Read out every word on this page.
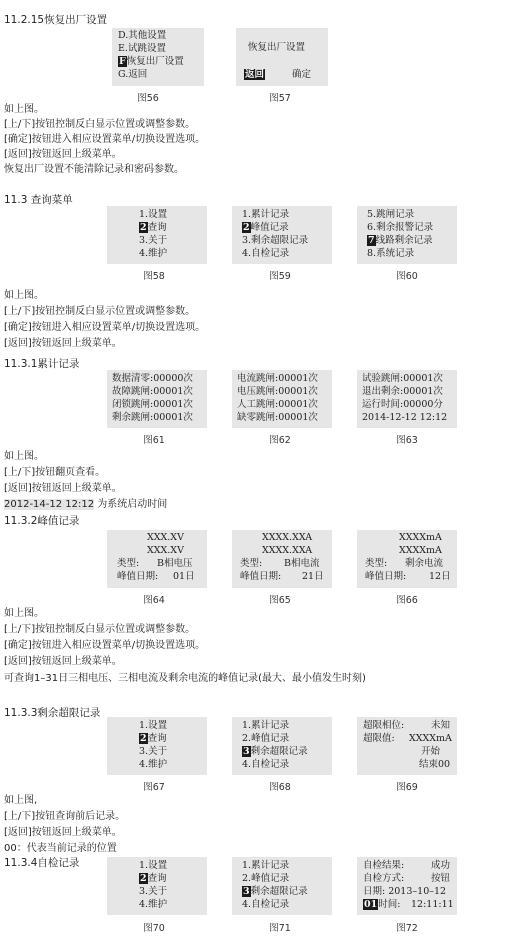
11.2.15恢复出厂设置
D.其他设置
E.试跳设置
F恢复出厂设置
G.返回
图56
恢复出厂设置
返回	确定
图57
如上图。
[上/下]按钮控制反白显示位置或调整参数。
[确定]按钮进入相应设置菜单/切换设置选项。
[返回]按钮返回上级菜单。
恢复出厂设置不能清除记录和密码参数。
11.3 查询菜单
1.设置
2查询
3.关于
4.维护
图58
1.累计记录
2峰值记录
3.剩余超限记录
4.自检记录
图59
5.跳闸记录
6.剩余报警记录
7线路剩余记录
8.系统记录
图60
如上图。
[上/下]按钮控制反白显示位置或调整参数。
[确定]按钮进入相应设置菜单/切换设置选项。
[返回]按钮返回上级菜单。
11.3.1累计记录
数据清零:00000次
故障跳闸:00001次
闭锁跳闸:00001次
剩余跳闸:00001次
图61
电流跳闸:00001次
电压跳闸:00001次
人工跳闸:00001次
缺零跳闸:00001次
图62
试验跳闸:00001次
退出剩余:00001次
运行时间:00000分
2014-12-12 12:12
图63
如上图。
[上/下]按钮翻页查看。
[返回]按钮返回上级菜单。
2012-14-12 12:12 为系统启动时间
11.3.2峰值记录
XXX.XV
XXX.XV
类型: B相电压
峰值日期: 01日
图64
XXXX.XXA
XXXX.XXA
类型: B相电流
峰值日期: 21日
图65
XXXXmA
XXXXmA
类型: 剩余电流
峰值日期: 12日
图66
如上图。
[上/下]按钮控制反白显示位置或调整参数。
[确定]按钮进入相应设置菜单/切换设置选项。
[返回]按钮返回上级菜单。
可查询1–31日三相电压、三相电流及剩余电流的峰值记录(最大、最小值发生时刻)
11.3.3剩余超限记录
1.设置
2查询
3.关于
4.维护
图67
1.累计记录
2.峰值记录
3剩余超限记录
4.自检记录
图68
超限相位:	未知
超限值: XXXXmA
开始
结束00
图69
如上图,
[上/下]按钮查询前后记录。
[返回]按钮返回上级菜单。
00：代表当前记录的位置
11.3.4自检记录	1.设置
2查询
3.关于
4.维护
图70
1.累计记录
2.峰值记录
3剩余超限记录
4.自检记录
图71
自检结果:	成功
自检方式:	按钮
日期: 2013–10–12
01时间: 12:11:11
图72
